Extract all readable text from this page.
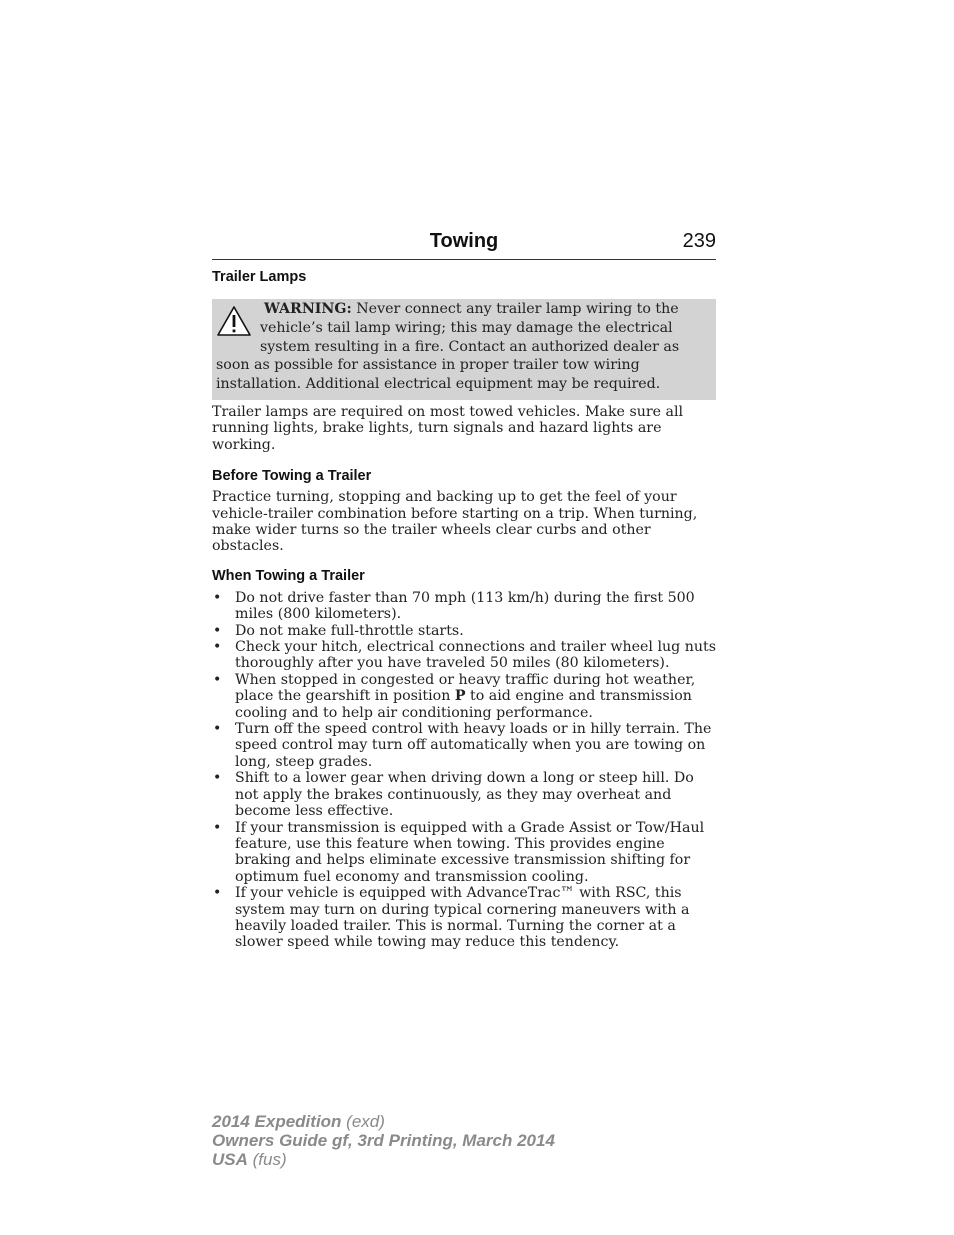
Towing	239
Trailer Lamps
WARNING: Never connect any trailer lamp wiring to the vehicle’s tail lamp wiring; this may damage the electrical system resulting in a fire. Contact an authorized dealer as soon as possible for assistance in proper trailer tow wiring installation. Additional electrical equipment may be required.

Trailer lamps are required on most towed vehicles. Make sure all running lights, brake lights, turn signals and hazard lights are working.

Before Towing a Trailer

Practice turning, stopping and backing up to get the feel of your vehicle-trailer combination before starting on a trip. When turning, make wider turns so the trailer wheels clear curbs and other obstacles.

When Towing a Trailer
• Do not drive faster than 70 mph (113 km/h) during the first 500 miles (800 kilometers).
• Do not make full-throttle starts.
• Check your hitch, electrical connections and trailer wheel lug nuts thoroughly after you have traveled 50 miles (80 kilometers).
• When stopped in congested or heavy traffic during hot weather, place the gearshift in position P to aid engine and transmission cooling and to help air conditioning performance.
• Turn off the speed control with heavy loads or in hilly terrain. The speed control may turn off automatically when you are towing on long, steep grades.
• Shift to a lower gear when driving down a long or steep hill. Do not apply the brakes continuously, as they may overheat and become less effective.
• If your transmission is equipped with a Grade Assist or Tow/Haul feature, use this feature when towing. This provides engine braking and helps eliminate excessive transmission shifting for optimum fuel economy and transmission cooling.
• If your vehicle is equipped with AdvanceTrac™ with RSC, this system may turn on during typical cornering maneuvers with a heavily loaded trailer. This is normal. Turning the corner at a slower speed while towing may reduce this tendency.
2014 Expedition (exd)
Owners Guide gf, 3rd Printing, March 2014
USA (fus)
